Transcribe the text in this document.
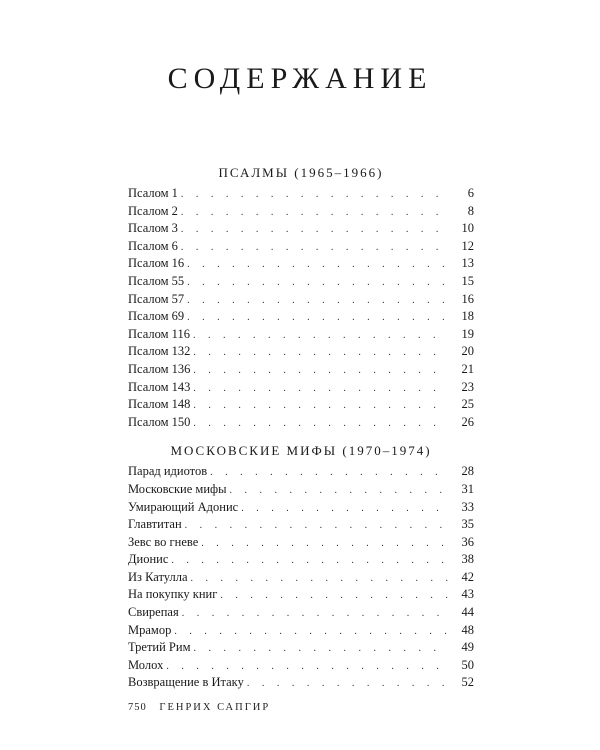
СОДЕРЖАНИЕ
ПСАЛМЫ (1965–1966)
Псалом 1 . . .	6
Псалом 2 . . .	8
Псалом 3 . . .	10
Псалом 6 . . .	12
Псалом 16 . . .	13
Псалом 55 . . .	15
Псалом 57 . . .	16
Псалом 69 . . .	18
Псалом 116 . . .	19
Псалом 132 . . .	20
Псалом 136 . . .	21
Псалом 143 . . .	23
Псалом 148 . . .	25
Псалом 150 . . .	26
МОСКОВСКИЕ МИФЫ (1970–1974)
Парад идиотов . . .	28
Московские мифы . . .	31
Умирающий Адонис . . .	33
Главтитан . . .	35
Зевс во гневе . . .	36
Дионис . . .	38
Из Катулла . . .	42
На покупку книг . . .	43
Свирепая . . .	44
Мрамор . . .	48
Третий Рим . . .	49
Молох . . .	50
Возвращение в Итаку . . .	52
750 ГЕНРИХ САПГИР
